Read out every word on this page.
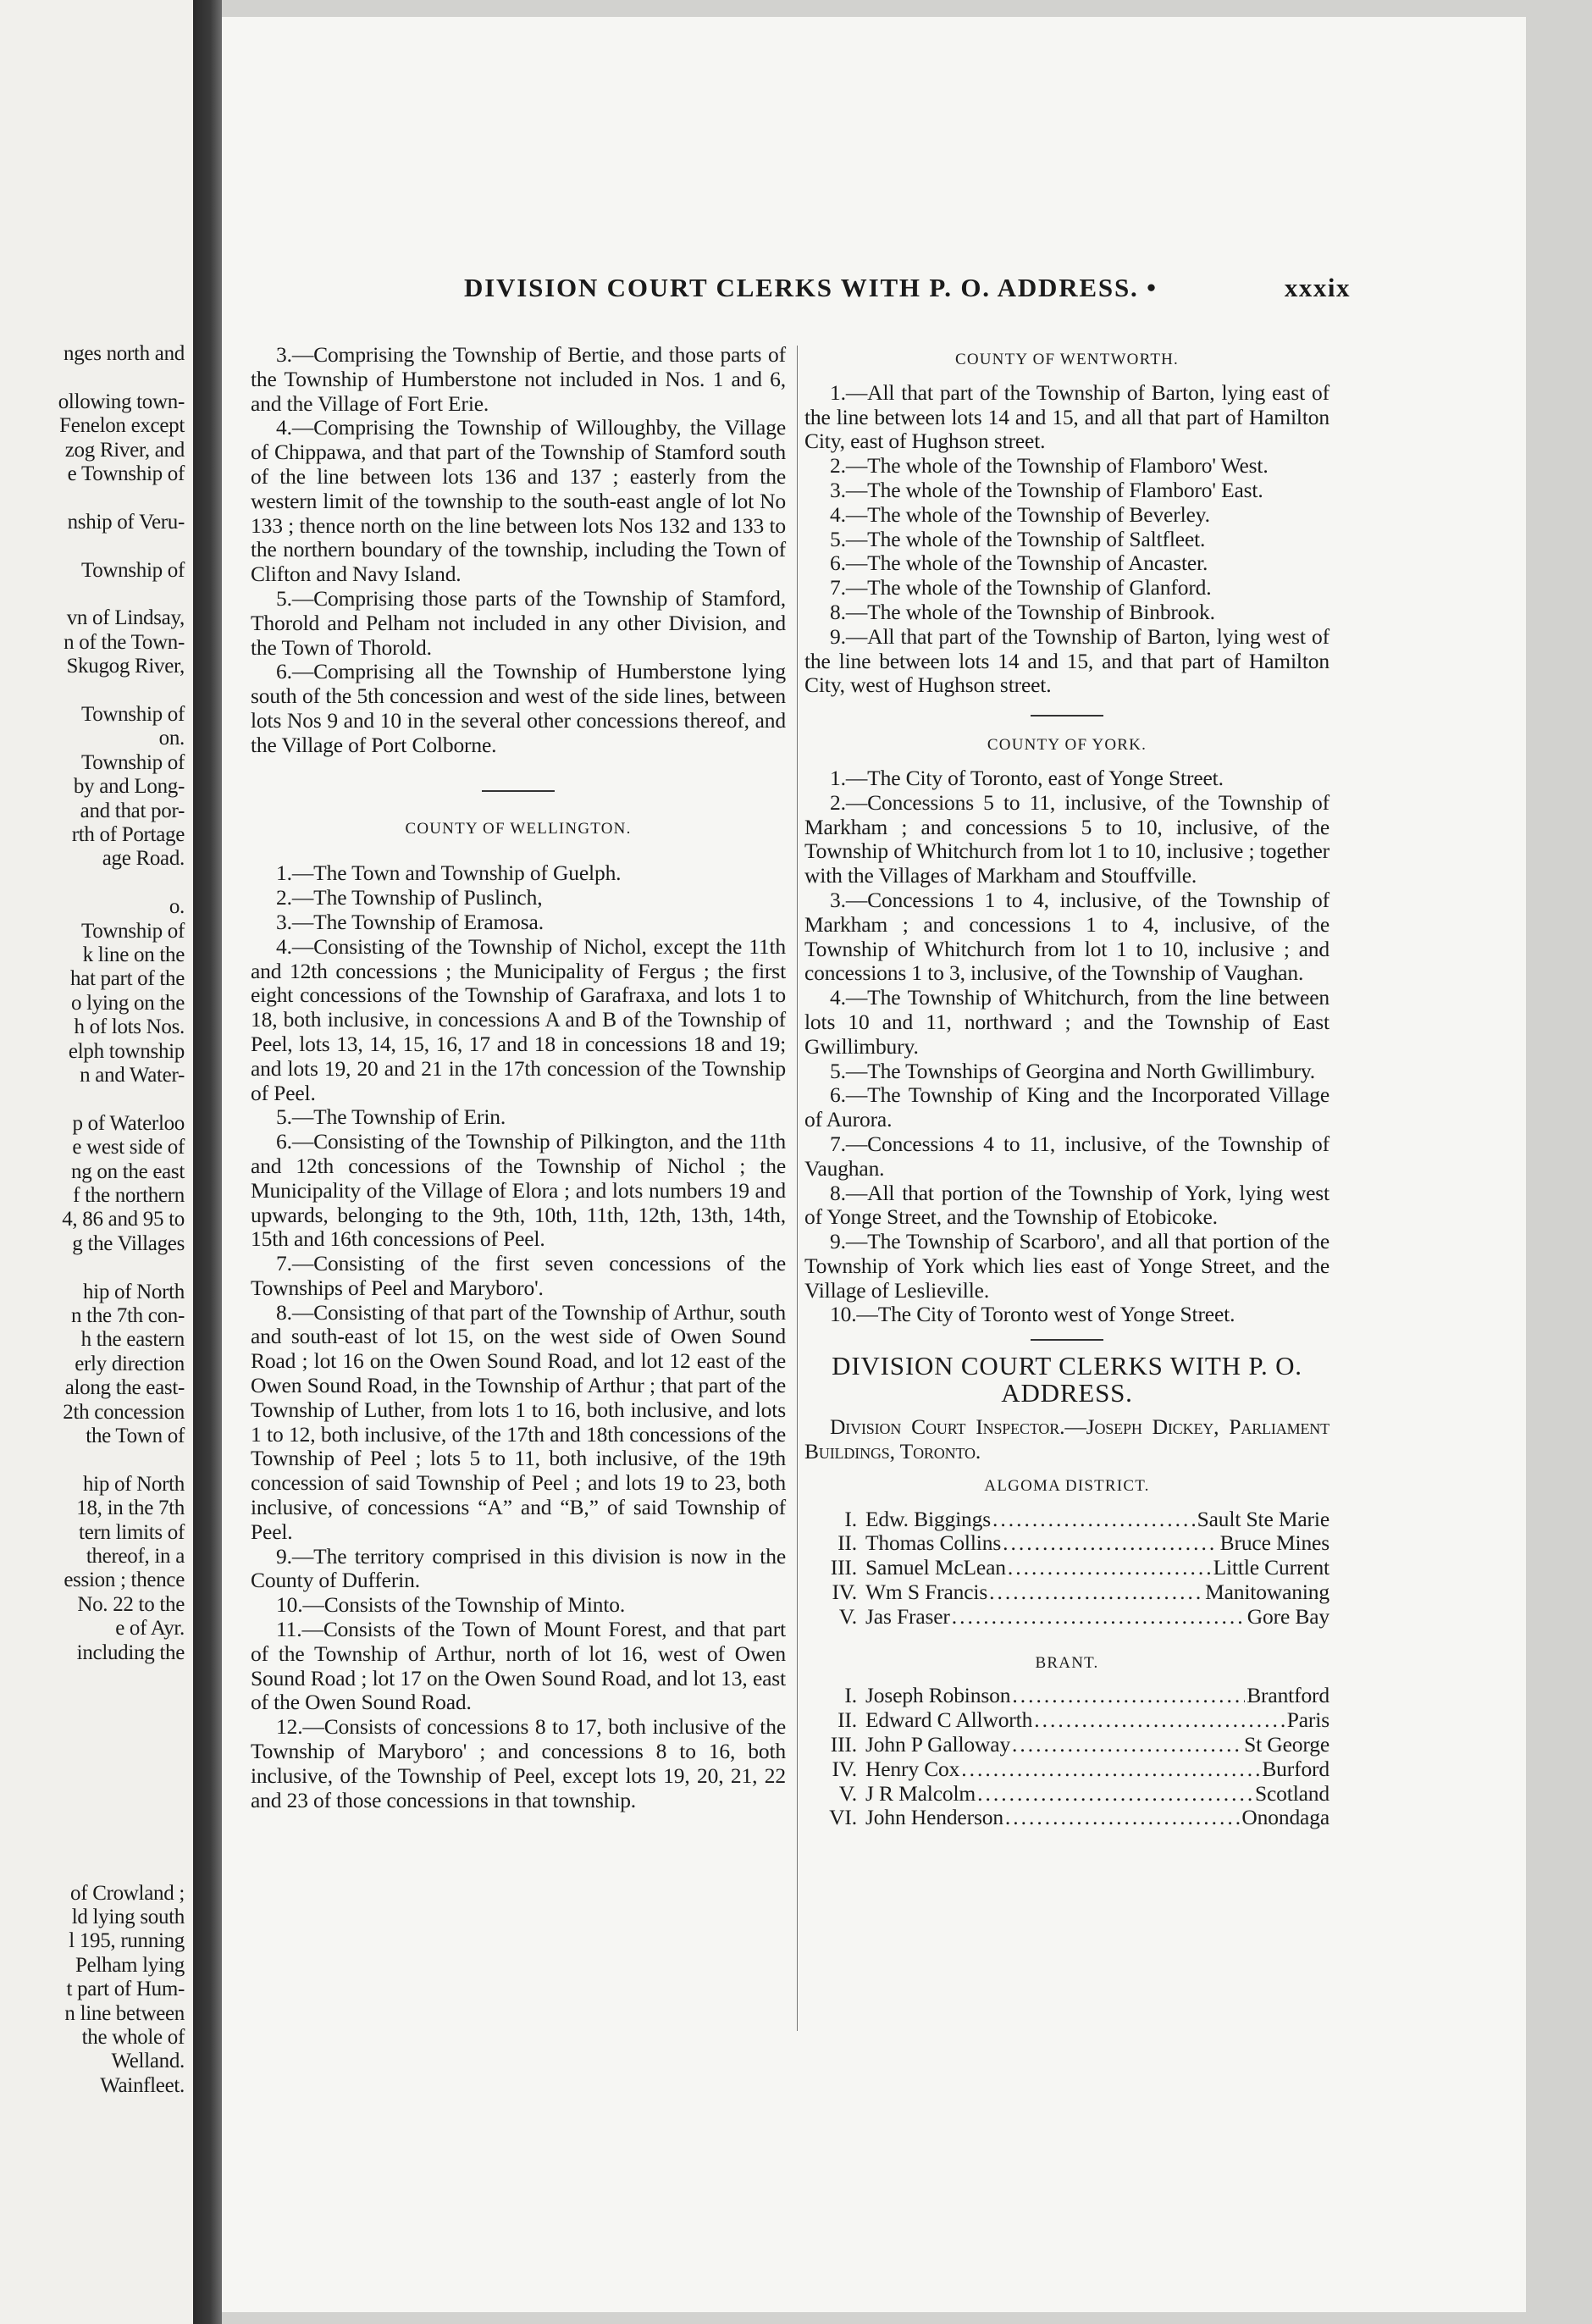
nges north and
ollowing town-
Fenelon except
zog River, and
e Township of
nship of Veru-
Township of
vn of Lindsay,
n of the Town-
Skugog River,
Township of
on.
Township of
by and Long-
and that por-
rth of Portage
age Road.
o.
Township of
k line on the
hat part of the
o lying on the
h of lots Nos.
elph township
n and Water-
p of Waterloo
e west side of
ng on the east
f the northern
4, 86 and 95 to
g the Villages
hip of North
n the 7th con-
h the eastern
erly direction
along the east-
2th concession
the Town of
hip of North
18, in the 7th
tern limits of
thereof, in a
ession ; thence
No. 22 to the
e of Ayr.
including the
of Crowland ;
ld lying south
l 195, running
Pelham lying
t part of Hum-
n line between
the whole of
Welland.
Wainfleet.
DIVISION COURT CLERKS WITH P. O. ADDRESS. •	xxxix

3.—Comprising the Township of Bertie, and those parts of the Township of Humberstone not included in Nos. 1 and 6, and the Village of Fort Erie.

4.—Comprising the Township of Willoughby, the Village of Chippawa, and that part of the Township of Stamford south of the line between lots 136 and 137 ; easterly from the western limit of the township to the south-east angle of lot No 133 ; thence north on the line between lots Nos 132 and 133 to the northern boundary of the township, including the Town of Clifton and Navy Island.

5.—Comprising those parts of the Township of Stamford, Thorold and Pelham not included in any other Division, and the Town of Thorold.

6.—Comprising all the Township of Humberstone lying south of the 5th concession and west of the side lines, between lots Nos 9 and 10 in the several other concessions thereof, and the Village of Port Colborne.

COUNTY OF WELLINGTON.

1.—The Town and Township of Guelph.

2.—The Township of Puslinch,

3.—The Township of Eramosa.

4.—Consisting of the Township of Nichol, except the 11th and 12th concessions ; the Municipality of Fergus ; the first eight concessions of the Township of Garafraxa, and lots 1 to 18, both inclusive, in concessions A and B of the Township of Peel, lots 13, 14, 15, 16, 17 and 18 in concessions 18 and 19; and lots 19, 20 and 21 in the 17th concession of the Township of Peel.

5.—The Township of Erin.

6.—Consisting of the Township of Pilkington, and the 11th and 12th concessions of the Township of Nichol ; the Municipality of the Village of Elora ; and lots numbers 19 and upwards, belonging to the 9th, 10th, 11th, 12th, 13th, 14th, 15th and 16th concessions of Peel.

7.—Consisting of the first seven concessions of the Townships of Peel and Maryboro'.

8.—Consisting of that part of the Township of Arthur, south and south-east of lot 15, on the west side of Owen Sound Road ; lot 16 on the Owen Sound Road, and lot 12 east of the Owen Sound Road, in the Township of Arthur ; that part of the Township of Luther, from lots 1 to 16, both inclusive, and lots 1 to 12, both inclusive, of the 17th and 18th concessions of the Township of Peel ; lots 5 to 11, both inclusive, of the 19th concession of said Township of Peel ; and lots 19 to 23, both inclusive, of concessions “A” and “B,” of said Township of Peel.

9.—The territory comprised in this division is now in the County of Dufferin.

10.—Consists of the Township of Minto.

11.—Consists of the Town of Mount Forest, and that part of the Township of Arthur, north of lot 16, west of Owen Sound Road ; lot 17 on the Owen Sound Road, and lot 13, east of the Owen Sound Road.

12.—Consists of concessions 8 to 17, both inclusive of the Township of Maryboro' ; and concessions 8 to 16, both inclusive, of the Township of Peel, except lots 19, 20, 21, 22 and 23 of those concessions in that township.

COUNTY OF WENTWORTH.

1.—All that part of the Township of Barton, lying east of the line between lots 14 and 15, and all that part of Hamilton City, east of Hughson street.

2.—The whole of the Township of Flamboro' West.

3.—The whole of the Township of Flamboro' East.

4.—The whole of the Township of Beverley.

5.—The whole of the Township of Saltfleet.

6.—The whole of the Township of Ancaster.

7.—The whole of the Township of Glanford.

8.—The whole of the Township of Binbrook.

9.—All that part of the Township of Barton, lying west of the line between lots 14 and 15, and that part of Hamilton City, west of Hughson street.

COUNTY OF YORK.

1.—The City of Toronto, east of Yonge Street.

2.—Concessions 5 to 11, inclusive, of the Township of Markham ; and concessions 5 to 10, inclusive, of the Township of Whitchurch from lot 1 to 10, inclusive ; together with the Villages of Markham and Stouffville.

3.—Concessions 1 to 4, inclusive, of the Township of Markham ; and concessions 1 to 4, inclusive, of the Township of Whitchurch from lot 1 to 10, inclusive ; and concessions 1 to 3, inclusive, of the Township of Vaughan.

4.—The Township of Whitchurch, from the line between lots 10 and 11, northward ; and the Township of East Gwillimbury.

5.—The Townships of Georgina and North Gwillimbury.

6.—The Township of King and the Incorporated Village of Aurora.

7.—Concessions 4 to 11, inclusive, of the Township of Vaughan.

8.—All that portion of the Township of York, lying west of Yonge Street, and the Township of Etobicoke.

9.—The Township of Scarboro', and all that portion of the Township of York which lies east of Yonge Street, and the Village of Leslieville.

10.—The City of Toronto west of Yonge Street.

DIVISION COURT CLERKS WITH P. O. ADDRESS.

Division Court Inspector.—Joseph Dickey, Parliament Buildings, Toronto.

ALGOMA DISTRICT.
I. Edw. Biggings .....	Sault Ste Marie
II. Thomas Collins .....	Bruce Mines
III. Samuel McLean .....	Little Current
IV. Wm S Francis .....	Manitowaning
V. Jas Fraser .....	Gore Bay
BRANT.
I. Joseph Robinson .....	Brantford
II. Edward C Allworth .....	Paris
III. John P Galloway .....	St George
IV. Henry Cox .....	Burford
V. J R Malcolm .....	Scotland
VI. John Henderson .....	Onondaga
